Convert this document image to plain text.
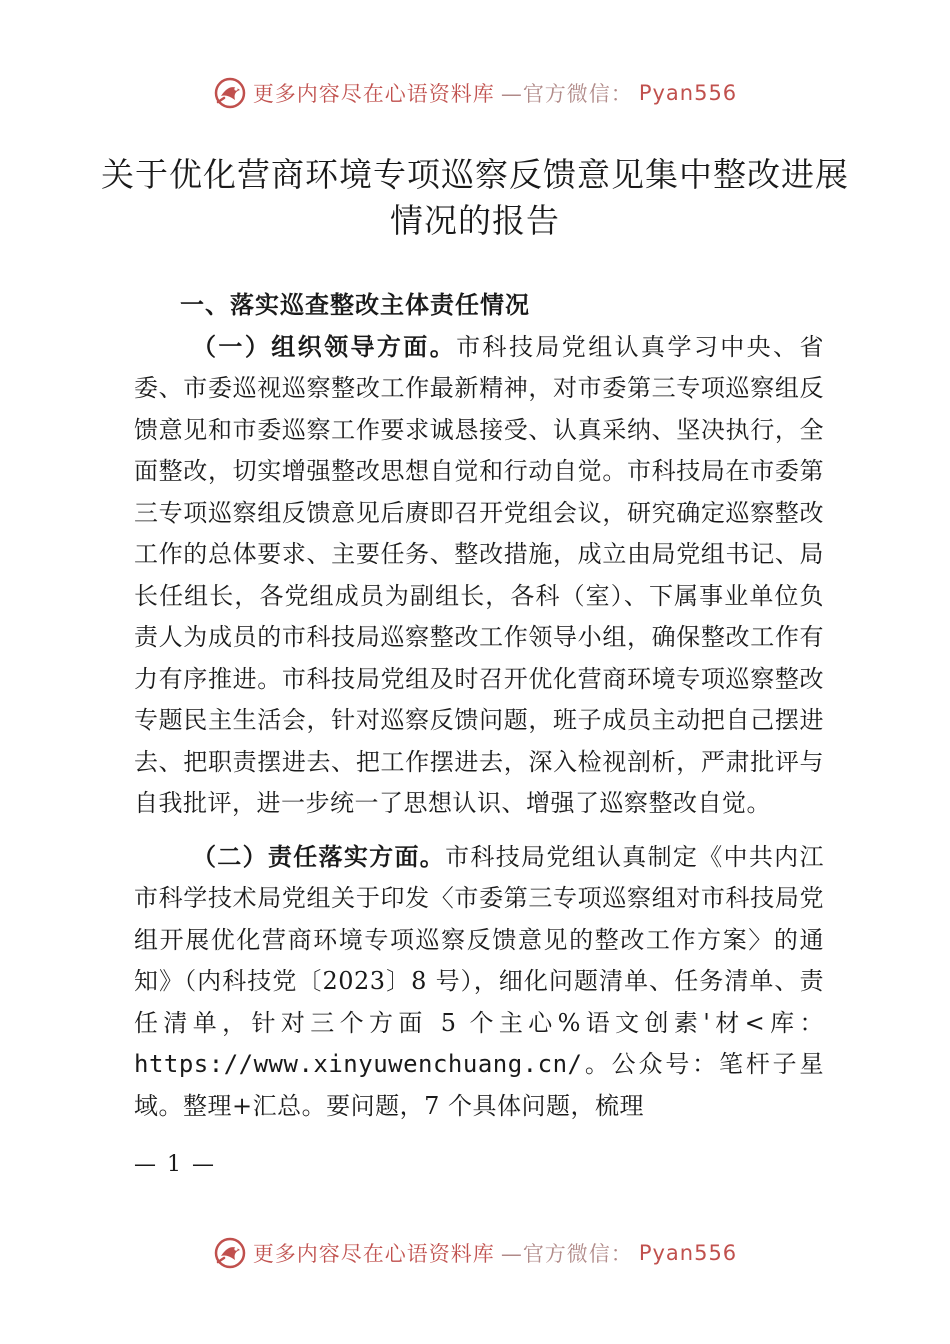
更多内容尽在心语资料库 —官方微信： Pyan556
关于优化营商环境专项巡察反馈意见集中整改进展情况的报告
一、落实巡查整改主体责任情况

（一）组织领导方面。市科技局党组认真学习中央、省委、市委巡视巡察整改工作最新精神，对市委第三专项巡察组反馈意见和市委巡察工作要求诚恳接受、认真采纳、坚决执行，全面整改，切实增强整改思想自觉和行动自觉。市科技局在市委第三专项巡察组反馈意见后赓即召开党组会议，研究确定巡察整改工作的总体要求、主要任务、整改措施，成立由局党组书记、局长任组长，各党组成员为副组长，各科（室）、下属事业单位负责人为成员的市科技局巡察整改工作领导小组，确保整改工作有力有序推进。市科技局党组及时召开优化营商环境专项巡察整改专题民主生活会，针对巡察反馈问题，班子成员主动把自己摆进去、把职责摆进去、把工作摆进去，深入检视剖析，严肃批评与自我批评，进一步统一了思想认识、增强了巡察整改自觉。

（二）责任落实方面。市科技局党组认真制定《中共内江市科学技术局党组关于印发〈市委第三专项巡察组对市科技局党组开展优化营商环境专项巡察反馈意见的整改工作方案〉的通知》（内科技党〔2023〕8 号），细化问题清单、任务清单、责任清单，针对三个方面 5 个主心%语文创素'材<库：https://www.xinyuwenchuang.cn/。公众号：笔杆子星域。整理+汇总。要问题，7 个具体问题，梳理

— 1 —
更多内容尽在心语资料库 —官方微信： Pyan556
